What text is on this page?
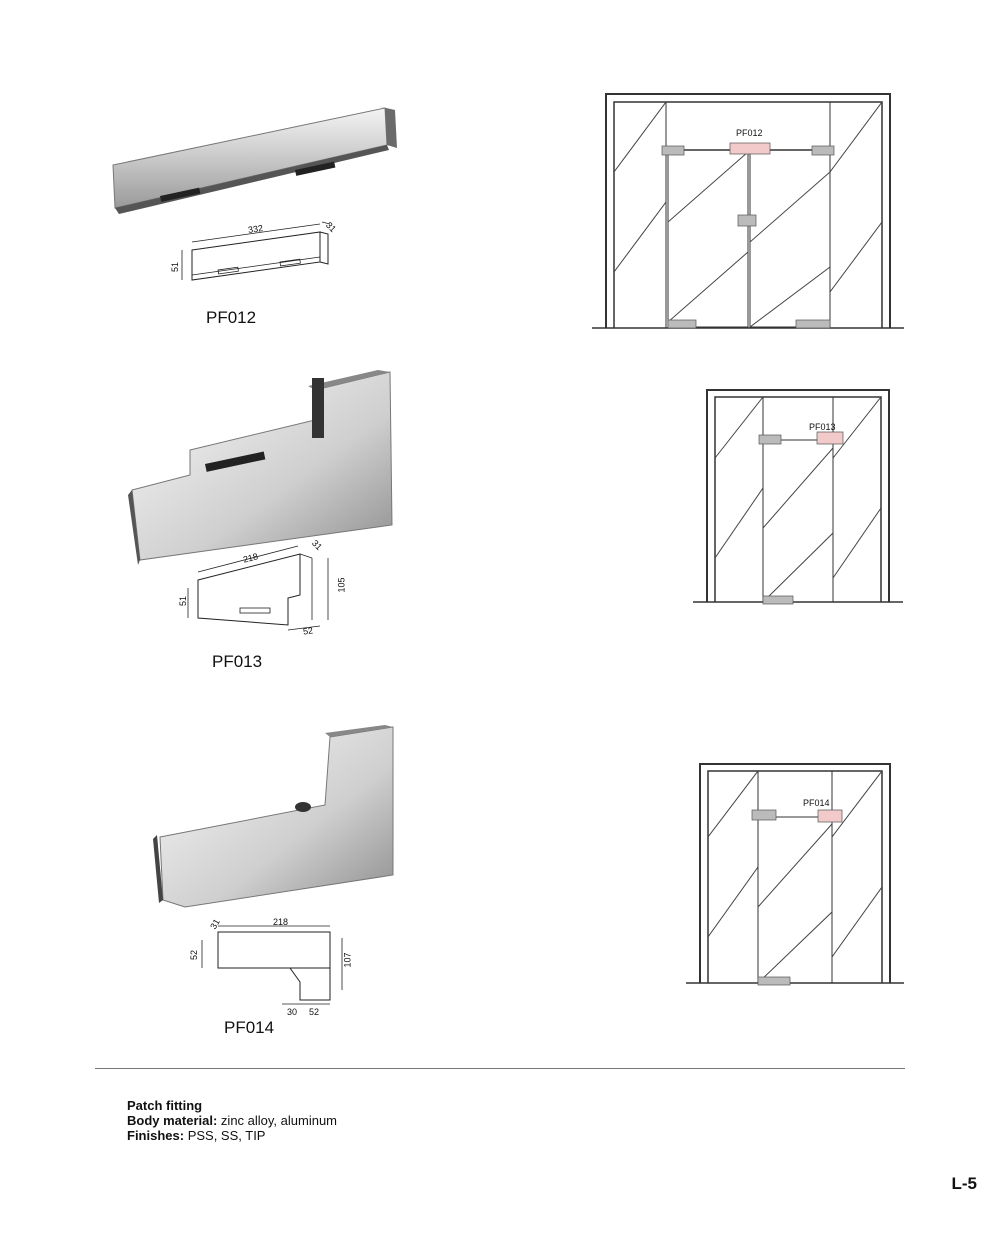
332
51
31
PF012
PF012
218
51
31
105
52
PF013
PF013
218
52
31
107
30 52
PF014
PF014
Patch fitting
Body material: zinc alloy, aluminum
Finishes: PSS, SS, TIP
L-5
